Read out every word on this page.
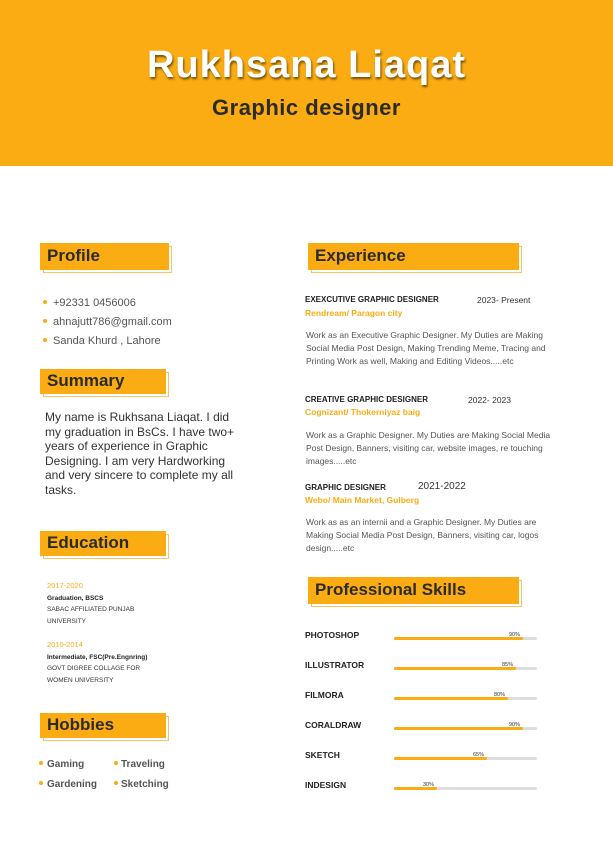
Rukhsana Liaqat
Graphic designer
Profile
+92331 0456006
ahnajutt786@gmail.com
Sanda Khurd , Lahore
Summary
My name is Rukhsana Liaqat. I did my graduation in BsCs. I have two+ years of experience in Graphic Designing. I am very Hardworking and very sincere to complete my all tasks.
Education
2017-2020
Graduation, BSCS
SABAC AFFILIATED PUNJAB UNIVERSITY
2010-2014
Intermediate, FSC(Pre.Engnring)
GOVT DIGREE COLLAGE FOR WOMEN UNIVERSITY
Hobbies
Gaming	Traveling
Gardening	Sketching
Experience
EXEXCUTIVE GRAPHIC DESIGNER	2023- Present
Rendream/ Paragon city
Work as an Executive Graphic Designer. My Duties are Making Social Media Post Design, Making Trending Meme, Tracing and Printing Work as well, Making and Editing Videos.....etc
CREATIVE GRAPHIC DESIGNER	2022- 2023
Cognizant/ Thokerniyaz baig
Work as a Graphic Designer. My Duties are Making Social Media Post Design, Banners, visiting car, website images, re touching images.....etc
GRAPHIC DESIGNER	2021-2022
Webo/ Main Market, Gulberg
Work as as an internii and a Graphic Designer. My Duties are Making Social Media Post Design, Banners, visiting car, logos design.....etc
Professional Skills
PHOTOSHOP	90%
ILLUSTRATOR	85%
FILMORA	80%
CORALDRAW	90%
SKETCH	65%
INDESIGN	30%
